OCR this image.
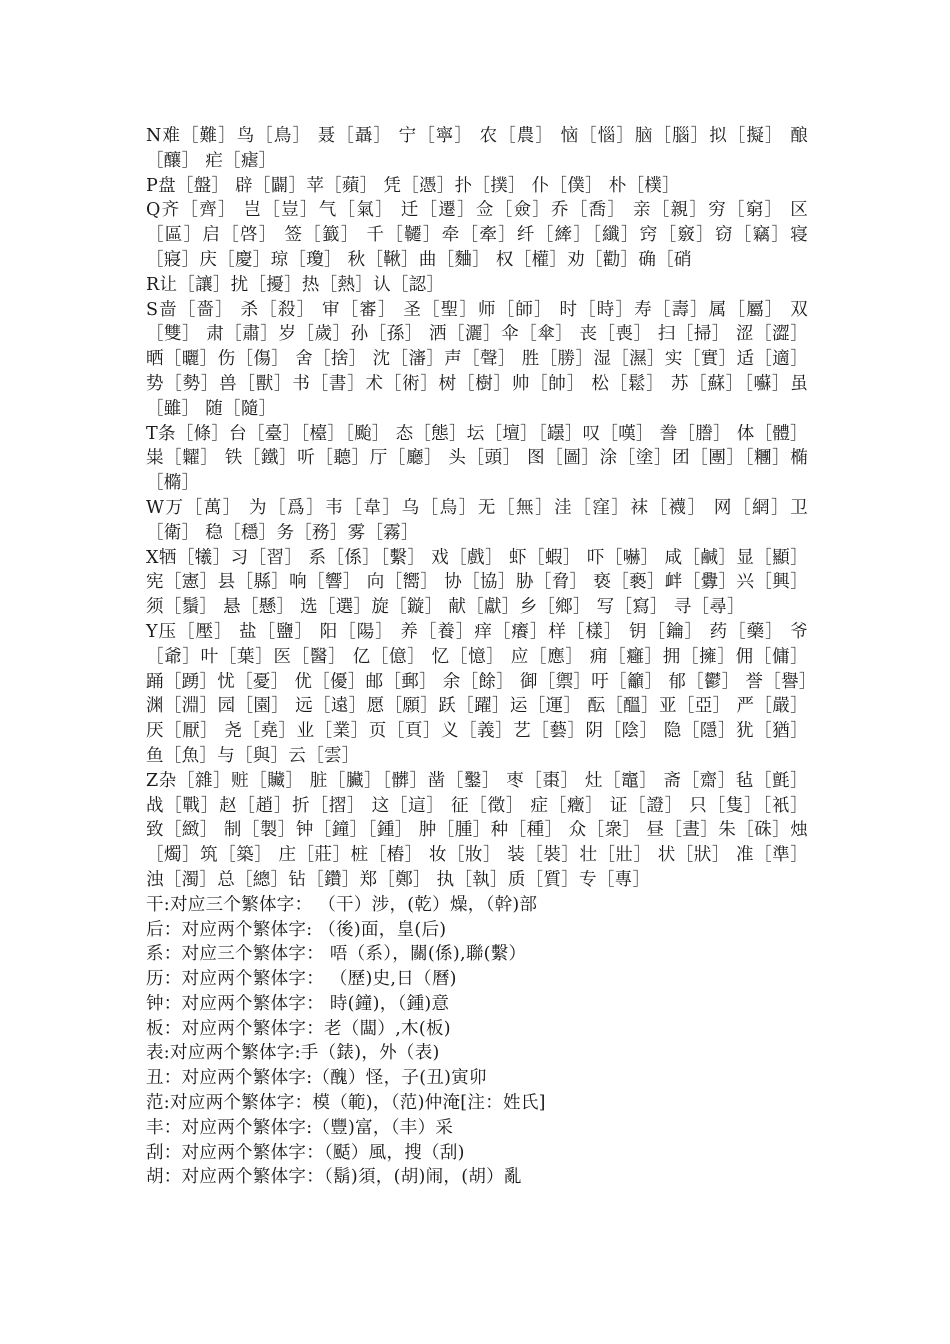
N难［難］鸟［鳥］ 聂［聶］ 宁［寧］ 农［農］ 恼［惱］脑［腦］拟［擬］ 酿［釀］ 疟［瘧］

P盘［盤］ 辟［闢］苹［蘋］ 凭［憑］扑［撲］ 仆［僕］ 朴［樸］

Q齐［齊］ 岂［豈］气［氣］ 迁［遷］佥［僉］乔［喬］ 亲［親］穷［窮］ 区［區］启［啓］ 签［籖］ 千［韆］牵［牽］纤［縴］［纖］窍［竅］窃［竊］寝［寢］庆［慶］琼［瓊］ 秋［鞦］曲［麯］ 权［權］劝［勸］确［硝

R让［讓］扰［擾］热［熱］认［認］

S啬［嗇］ 杀［殺］ 审［審］ 圣［聖］师［師］ 时［時］寿［壽］属［屬］ 双［雙］ 肃［肅］岁［歲］孙［孫］ 洒［灑］伞［傘］ 丧［喪］ 扫［掃］ 涩［澀］晒［曬］伤［傷］ 舍［捨］ 沈［瀋］声［聲］ 胜［勝］湿［濕］实［實］适［適］ 势［勢］兽［獸］书［書］术［術］树［樹］帅［帥］ 松［鬆］ 苏［蘇］［囌］虽［雖］ 随［隨］

T条［條］台［臺］［檯］［颱］ 态［態］坛［壇］［罎］叹［嘆］ 誊［謄］ 体［體］粜［糶］ 铁［鐵］听［聽］厅［廳］ 头［頭］ 图［圖］涂［塗］团［團］［糰］椭［橢］

W万［萬］ 为［爲］韦［韋］乌［烏］无［無］洼［窪］袜［襪］ 网［網］卫［衛］ 稳［穩］务［務］雾［霧］

X牺［犧］习［習］ 系［係］［繫］ 戏［戲］ 虾［蝦］ 吓［嚇］ 咸［鹹］显［顯］宪［憲］县［縣］响［響］ 向［嚮］ 协［協］胁［脅］ 亵［褻］衅［釁］兴［興］ 须［鬚］ 悬［懸］ 选［選］旋［鏇］ 献［獻］乡［鄉］ 写［寫］ 寻［尋］

Y压［壓］ 盐［鹽］ 阳［陽］ 养［養］痒［癢］样［樣］ 钥［鑰］ 药［藥］ 爷［爺］叶［葉］医［醫］ 亿［億］ 忆［憶］ 应［應］ 痈［癰］拥［擁］佣［傭］踊［踴］忧［憂］ 优［優］邮［郵］ 余［餘］ 御［禦］吁［籲］ 郁［鬱］ 誉［譽］渊［淵］园［園］ 远［遠］愿［願］跃［躍］运［運］ 酝［醞］亚［亞］ 严［嚴］ 厌［厭］ 尧［堯］业［業］页［頁］义［義］艺［藝］阴［陰］ 隐［隱］犹［猶］鱼［魚］与［與］云［雲］

Z杂［雜］赃［贜］ 脏［臟］［髒］凿［鑿］ 枣［棗］ 灶［竈］ 斋［齋］毡［氈］ 战［戰］赵［趙］折［摺］ 这［這］ 征［徵］ 症［癥］ 证［證］ 只［隻］［衹］ 致［緻］ 制［製］钟［鐘］［鍾］ 肿［腫］种［種］ 众［衆］ 昼［晝］朱［硃］烛［燭］筑［築］ 庄［莊］桩［樁］ 妆［妝］ 装［裝］壮［壯］ 状［狀］ 准［準］浊［濁］总［總］钻［鑽］郑［鄭］ 执［執］质［質］专［專］

干:对应三个繁体字： （干）涉，(乾）燥，（幹)部

后：对应两个繁体字: （後)面，皇(后)

系：对应三个繁体字： 唔（系），關(係),聯(繫）

历：对应两个繁体字： （歷)史,日（曆)

钟：对应两个繁体字： 時(鐘)，（鍾)意

板：对应两个繁体字：老（闆）,木(板)

表:对应两个繁体字:手（錶)，外（表)

丑：对应两个繁体字:（醜）怪，子(丑)寅卯

范:对应两个繁体字：模（範)，（范)仲淹[注：姓氏]

丰：对应两个繁体字:（豐)富，（丰）采

刮：对应两个繁体字：（颳）風，搜（刮)

胡：对应两个繁体字：（鬍)須，(胡)闹，(胡）亂
